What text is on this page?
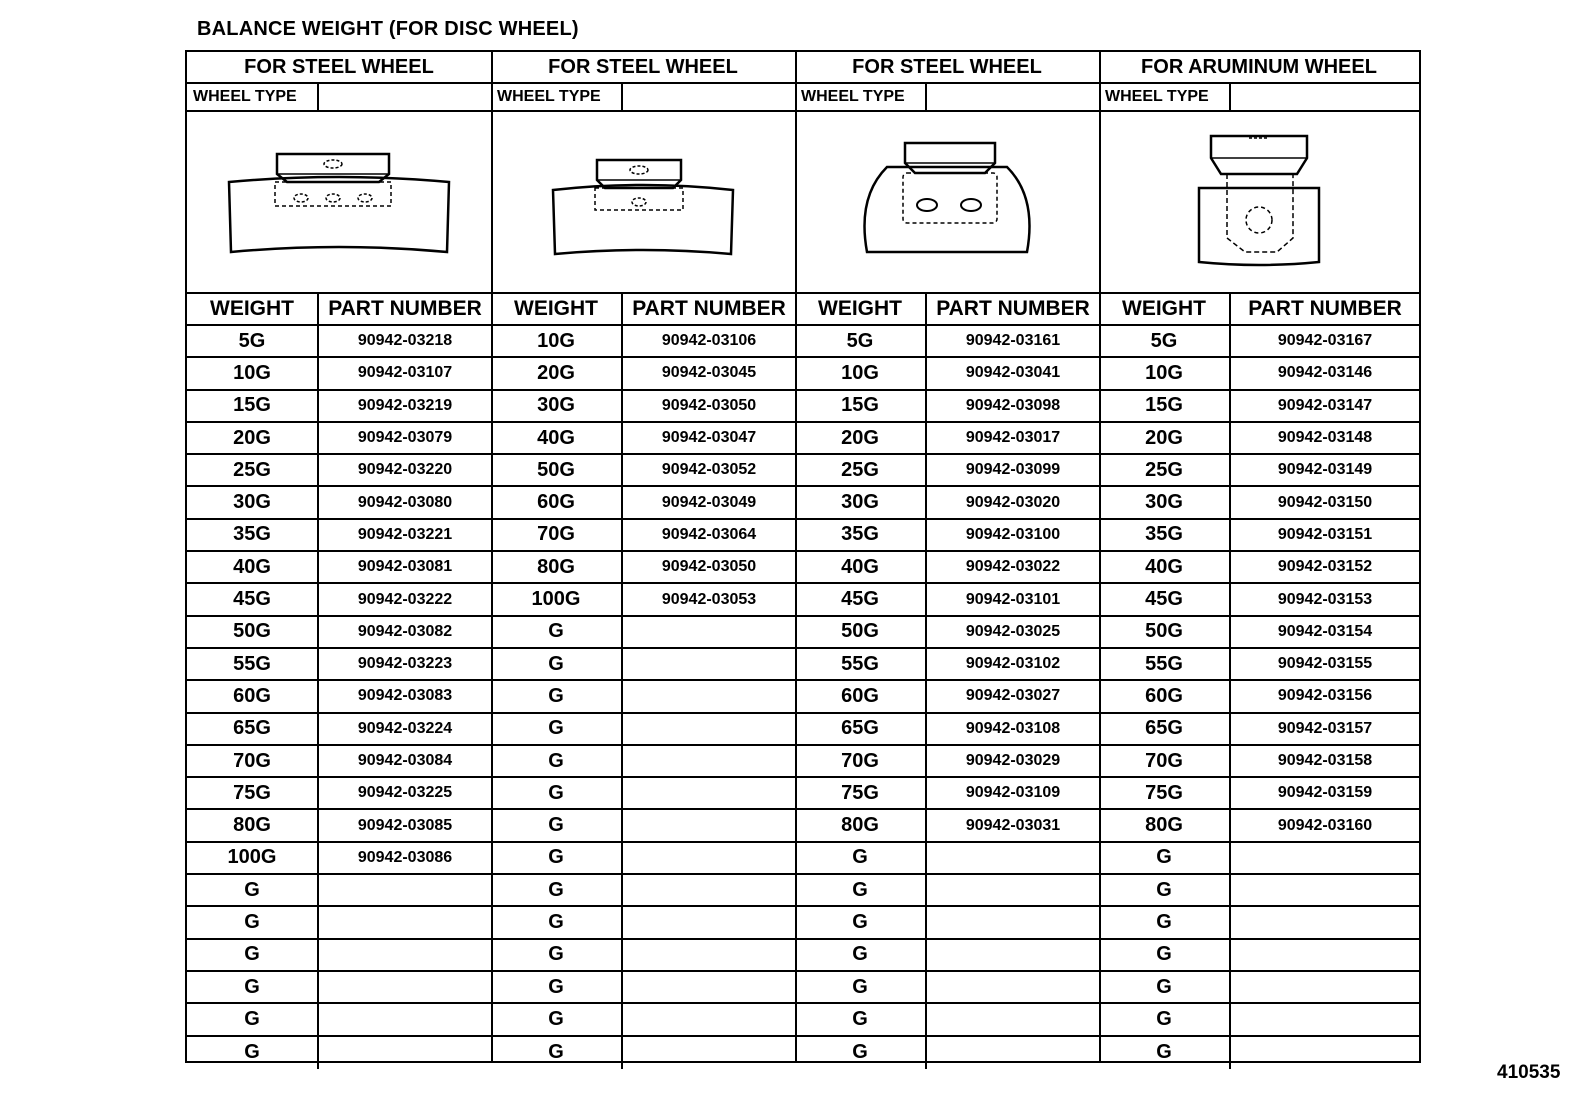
BALANCE WEIGHT (FOR DISC WHEEL)
FOR STEEL WHEEL
WHEEL TYPE
WEIGHT	PART NUMBER
5G	90942-03218
10G	90942-03107
15G	90942-03219
20G	90942-03079
25G	90942-03220
30G	90942-03080
35G	90942-03221
40G	90942-03081
45G	90942-03222
50G	90942-03082
55G	90942-03223
60G	90942-03083
65G	90942-03224
70G	90942-03084
75G	90942-03225
80G	90942-03085
100G	90942-03086
G
G
G
G
G
G
FOR STEEL WHEEL
WHEEL TYPE
WEIGHT	PART NUMBER
10G	90942-03106
20G	90942-03045
30G	90942-03050
40G	90942-03047
50G	90942-03052
60G	90942-03049
70G	90942-03064
80G	90942-03050
100G	90942-03053
G
G
G
G
G
G
G
G
G
G
G
G
G
G
FOR STEEL WHEEL
WHEEL TYPE
WEIGHT	PART NUMBER
5G	90942-03161
10G	90942-03041
15G	90942-03098
20G	90942-03017
25G	90942-03099
30G	90942-03020
35G	90942-03100
40G	90942-03022
45G	90942-03101
50G	90942-03025
55G	90942-03102
60G	90942-03027
65G	90942-03108
70G	90942-03029
75G	90942-03109
80G	90942-03031
G
G
G
G
G
G
G
FOR ARUMINUM WHEEL
WHEEL TYPE
WEIGHT	PART NUMBER
5G	90942-03167
10G	90942-03146
15G	90942-03147
20G	90942-03148
25G	90942-03149
30G	90942-03150
35G	90942-03151
40G	90942-03152
45G	90942-03153
50G	90942-03154
55G	90942-03155
60G	90942-03156
65G	90942-03157
70G	90942-03158
75G	90942-03159
80G	90942-03160
G
G
G
G
G
G
G
410535
